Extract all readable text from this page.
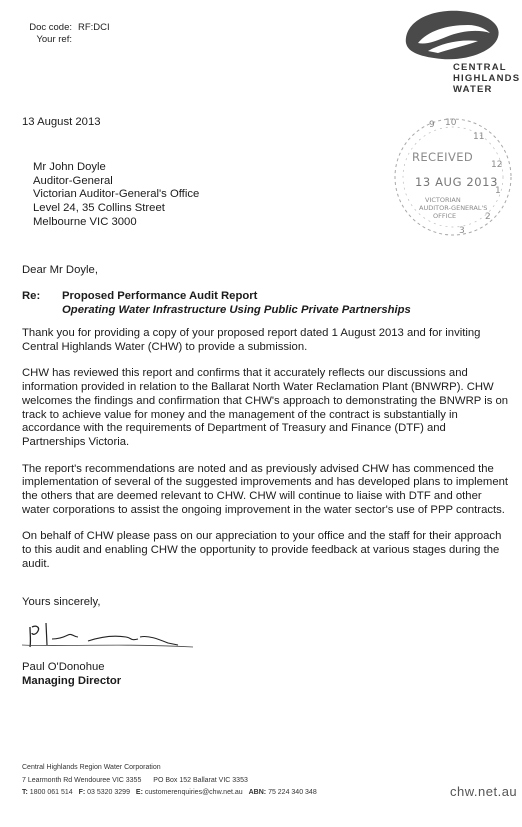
Doc code: RF:DCI
Your ref:
CENTRAL
HIGHLANDS
WATER
13 August 2013	9 10
11
12
1
2
3
RECEIVED
13 AUG 2013
VICTORIAN
AUDITOR-GENERAL'S
OFFICE
Mr John Doyle
Auditor-General
Victorian Auditor-General's Office
Level 24, 35 Collins Street
Melbourne VIC 3000
Dear Mr Doyle,
Re: Proposed Performance Audit Report
Operating Water Infrastructure Using Public Private Partnerships

Thank you for providing a copy of your proposed report dated 1 August 2013 and for inviting Central Highlands Water (CHW) to provide a submission.

CHW has reviewed this report and confirms that it accurately reflects our discussions and information provided in relation to the Ballarat North Water Reclamation Plant (BNWRP). CHW welcomes the findings and confirmation that CHW's approach to demonstrating the BNWRP is on track to achieve value for money and the management of the contract is substantially in accordance with the requirements of Department of Treasury and Finance (DTF) and Partnerships Victoria.

The report's recommendations are noted and as previously advised CHW has commenced the implementation of several of the suggested improvements and has developed plans to implement the others that are deemed relevant to CHW. CHW will continue to liaise with DTF and other water corporations to assist the ongoing improvement in the water sector's use of PPP contracts.

On behalf of CHW please pass on our appreciation to your office and the staff for their approach to this audit and enabling CHW the opportunity to provide feedback at various stages during the audit.

Yours sincerely,
Paul O'Donohue
Managing Director
Central Highlands Region Water Corporation
7 Learmonth Rd Wendouree VIC 3355 PO Box 152 Ballarat VIC 3353
T: 1800 061 514 F: 03 5320 3299 E: customerenquiries@chw.net.au ABN: 75 224 340 348	chw.net.au
